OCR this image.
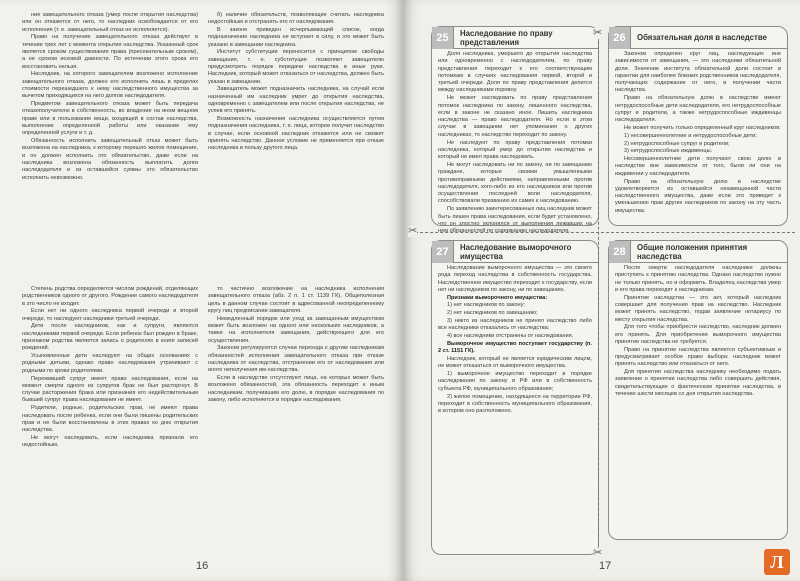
ние завещательного отказа (умер после открытия наследства) или он откажется от него, то наследник освобождается от его исполнения (т. е. завещательный отказ не исполняется).

Право на получение завещательного отказа действует в течение трех лет с момента открытия наследства. Указанный срок является сроком существования права (пресекательным сроком), а не сроком исковой давности. По истечении этого срока его восстановить нельзя.

Наследник, на которого завещателем возложено исполнение завещательного отказа, должен его исполнить лишь в пределах стоимости перешедшего к нему наследственного имущества за вычетом приходящихся на него долгов наследодателя.

Предметом завещательного отказа может быть передача отказополучателю в собственность, во владение на ином вещном праве или в пользование вещи, входящей в состав наследства, выполнение определенной работы или оказание ему определенной услуги и т. д.

Обязанность исполнить завещательный отказ может быть возложена на наследника, к которому перешло жилое помещение, и он должен исполнить это обязательство, даже если на наследника возложена обязанность выплатить долги наследодателя и из оставшейся суммы это обязательство исполнить невозможно.

б) наличие обязательств, позволяющие считать наследника недостойным и отстранить его от наследования.

В законе приведен исчерпывающий список, когда подназначение наследника не вступает в силу, и это может быть указано в завещании наследника.

Институт субституции переносится с принципом свободы завещания, т. е. субституция позволяет завещателю предусмотреть порядок передачи наследства в иные руки. Наследник, который может отказаться от наследства, должен быть указан в завещании.

Завещатель может подназначить наследника, на случай если назначенный им наследник умрет до открытия наследства, одновременно с завещателем или после открытия наследства, не успев его принять.

Возможность назначения наследника осуществляется путем подназначения наследника, т. е. лица, которое получит наследство в случае, если основной наследник откажется или не сможет принять наследство. Данное условие не применяется при отказе наследника в пользу другого лица.

Степень родства определяется числом рождений, отделяющих родственников одного от другого. Рождение самого наследодателя в это число не входит.

Если нет ни одного наследника первой очереди и второй очереди, то наследуют наследники третьей очереди.

Дети после наследников, как и супруги, являются наследниками первой очереди. Если ребенок был рожден в браке, признаком родства является запись о родителях в книге записей рождений.

Усыновленные дети наследуют на общих основаниях с родными детьми, однако право наследования утрачивают с родными по крови родителями.

Переживший супруг имеет право наследования, если на момент смерти одного из супругов брак не был расторгнут. В случае расторжения брака или признания его недействительным бывший супруг права наследования не имеет.

Родители, родные, родительских прав, не имеют права наследовать после ребенка, если они были лишены родительских прав и не были восстановлены в этих правах ко дню открытия наследства.

Не могут наследовать, если наследника признали его недостойным.

то частично возложение на наследника исполнения завещательного отказа (абз. 2 п. 1 ст. 1139 ГК). Общеполезная цель в данном случае состоит в адресованной неопределенному кругу лиц предписании завещателя.

Немедленный порядок или уход за завещанным имуществом может быть возложен на одного или нескольких наследников, а также на исполнителя завещания, действующего для его осуществления.

Законом регулируются случаи перехода к другим наследникам обязанностей исполнения завещательного отказа при отказе наследника от наследства, отстранении его от наследования или иного неполучения им наследства.

Если в наследстве отсутствуют лица, на которых может быть возложено обязанностей, эта обязанность переходит к иным наследникам, получившим его долю, в порядке наследования по закону, либо исполняется в порядке наследования.

16
25	Наследование по праву представления

Доля наследника, умершего до открытия наследства или одновременно с наследодателем, по праву представления переходит к его соответствующим потомкам в случаях наследования первой, второй и третьей очереди. Доля по праву представления делится между наследниками поровну.

Не может наследовать по праву представления потомок наследника по закону, лишенного наследства, если в законе не сказано иное. Лишить наследника наследства — право наследодателя. Но если в этом случае в завещании нет упоминания о других наследниках, то наследство переходит по закону.

Не наследуют по праву представления потомки наследника, который умер до открытия наследства и который не имел права наследовать.

Не могут наследовать ни по закону, ни по завещанию граждане, которые своими умышленными противоправными действиями, направленными против наследодателя, кого-либо из его наследников или против осуществления последней воли наследодателя, способствовали призванию их самих к наследованию.

По заявлению заинтересованных лиц наследник может быть лишен права наследования, если будет установлено, что он злостно уклонялся от выполнения лежавших на нем обязанностей по содержанию наследодателя.

26	Обязательная доля в наследстве

Законом определен круг лиц, наследующих вне зависимости от завещания, — это наследники обязательной доли. Значение института обязательной доли состоит в гарантии для наиболее близких родственников наследодателя, получающих содержание от него, в получении части наследства.

Право на обязательную долю в наследстве имеют нетрудоспособные дети наследодателя, его нетрудоспособные супруг и родители, а также нетрудоспособные иждивенцы наследодателя.

Не может получить только определенный круг наследников:

1) несовершеннолетние и нетрудоспособные дети;

2) нетрудоспособные супруг и родители;

3) нетрудоспособные иждивенцы.

Несовершеннолетние дети получают свою долю в наследстве вне зависимости от того, были ли они на иждивении у наследодателя.

Право на обязательную долю в наследстве удовлетворяется из оставшейся незавещанной части наследственного имущества, даже если это приведет к уменьшению прав других наследников по закону на эту часть имущества.

27	Наследование выморочного имущества

Наследование выморочного имущества — это своего рода переход наследства в собственность государства. Наследственное имущество переходит к государству, если нет ни наследников по закону, ни по завещанию.

Признаки выморочного имущества:

1) нет наследников по закону;

2) нет наследников по завещанию;

3) никто из наследников не принял наследство либо все наследники отказались от наследства;

4) все наследники отстранены от наследования.

Выморочное имущество поступает государству (п. 2 ст. 1151 ГК).

Наследник, который не является юридическим лицом, не может отказаться от выморочного имущества.

1) выморочное имущество переходит в порядке наследования по закону в РФ или в собственность субъекта РФ, муниципального образования;

2) жилое помещение, находящееся на территории РФ, переходит в собственность муниципального образования, в котором оно расположено.

28	Общие положения принятия наследства

После смерти наследодателя наследники должны приступить к принятию наследства. Однако наследство нужно не только принять, но и оформить. Владелец наследства умер и его права переходят к наследникам.

Принятие наследства — это акт, который наследник совершает для получения прав на наследство. Наследник может принять наследство, подав заявление нотариусу по месту открытия наследства.

Для того чтобы приобрести наследство, наследник должен его принять. Для приобретения выморочного имущества принятие наследства не требуется.

Право на принятие наследства является субъективным и предусматривает особое право выбора: наследник может принять наследство или отказаться от него.

Для принятия наследства наследнику необходимо подать заявление о принятии наследства либо совершить действия, свидетельствующие о фактическом принятии наследства, в течение шести месяцев со дня открытия наследства.

17
✂
✂
✂	Л
